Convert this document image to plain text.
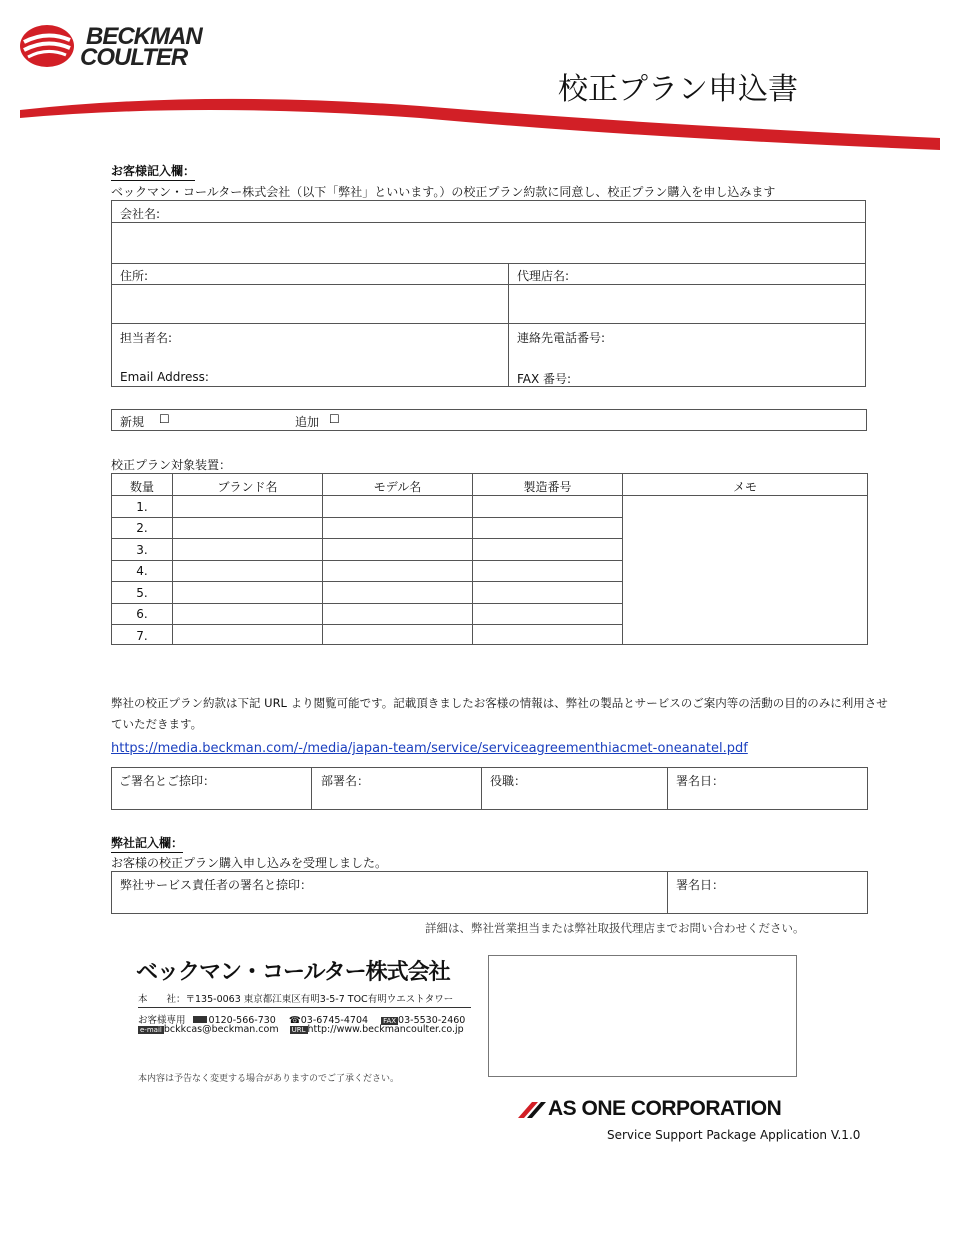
BECKMAN
COULTER
校正プラン申込書
お客様記入欄：
ベックマン・コールター株式会社（以下「弊社」といいます。）の校正プラン約款に同意し、校正プラン購入を申し込みます
会社名:
住所:	代理店名:
担当者名:	連絡先電話番号:
Email Address:	FAX 番号:
新規 ☐	追加 ☐
校正プラン対象装置：
数量	ブランド名	モデル名	製造番号	メモ
1.
2.
3.
4.
5.
6.
7.
弊社の校正プラン約款は下記 URL より閲覧可能です。記載頂きましたお客様の情報は、弊社の製品とサービスのご案内等の活動の目的のみに利用させ
ていただきます。
https://media.beckman.com/-/media/japan-team/service/serviceagreementhiacmet-oneanatel.pdf
ご署名とご捺印：	部署名：	役職：	署名日：
弊社記入欄：
お客様の校正プラン購入申し込みを受理しました。
弊社サービス責任者の署名と捺印：	署名日：
詳細は、弊社営業担当または弊社取扱代理店までお問い合わせください。
ベックマン・コールター株式会社
本　　社：〒135-0063 東京都江東区有明3-5-7 TOC有明ウエストタワー
お客様専用 0120-566-730 ☎03-6745-4704 FAX 03-5530-2460
e-mail bckkcas@beckman.com URL http://www.beckmancoulter.co.jp
本内容は予告なく変更する場合がありますのでご了承ください。
AS ONE CORPORATION
Service Support Package Application V.1.0
